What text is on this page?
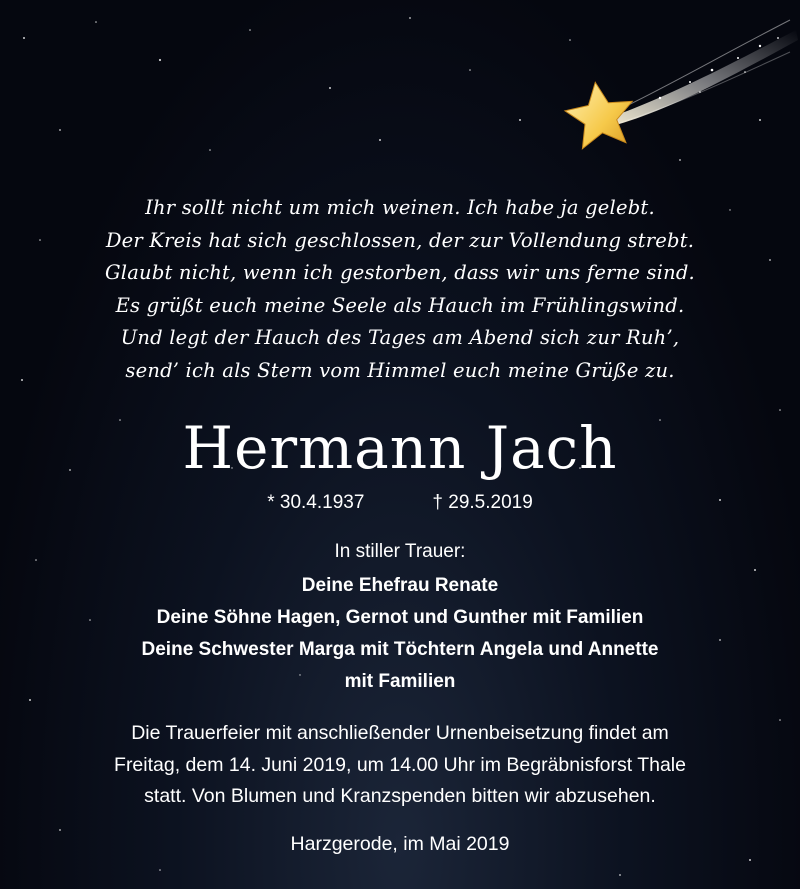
Ihr sollt nicht um mich weinen. Ich habe ja gelebt.
Der Kreis hat sich geschlossen, der zur Vollendung strebt.
Glaubt nicht, wenn ich gestorben, dass wir uns ferne sind.
Es grüßt euch meine Seele als Hauch im Frühlingswind.
Und legt der Hauch des Tages am Abend sich zur Ruh’,
send’ ich als Stern vom Himmel euch meine Grüße zu.
Hermann Jach
* 30.4.1937	† 29.5.2019
In stiller Trauer:
Deine Ehefrau Renate
Deine Söhne Hagen, Gernot und Gunther mit Familien
Deine Schwester Marga mit Töchtern Angela und Annette
mit Familien
Die Trauerfeier mit anschließender Urnenbeisetzung findet am
Freitag, dem 14. Juni 2019, um 14.00 Uhr im Begräbnisforst Thale
statt. Von Blumen und Kranzspenden bitten wir abzusehen.
Harzgerode, im Mai 2019
